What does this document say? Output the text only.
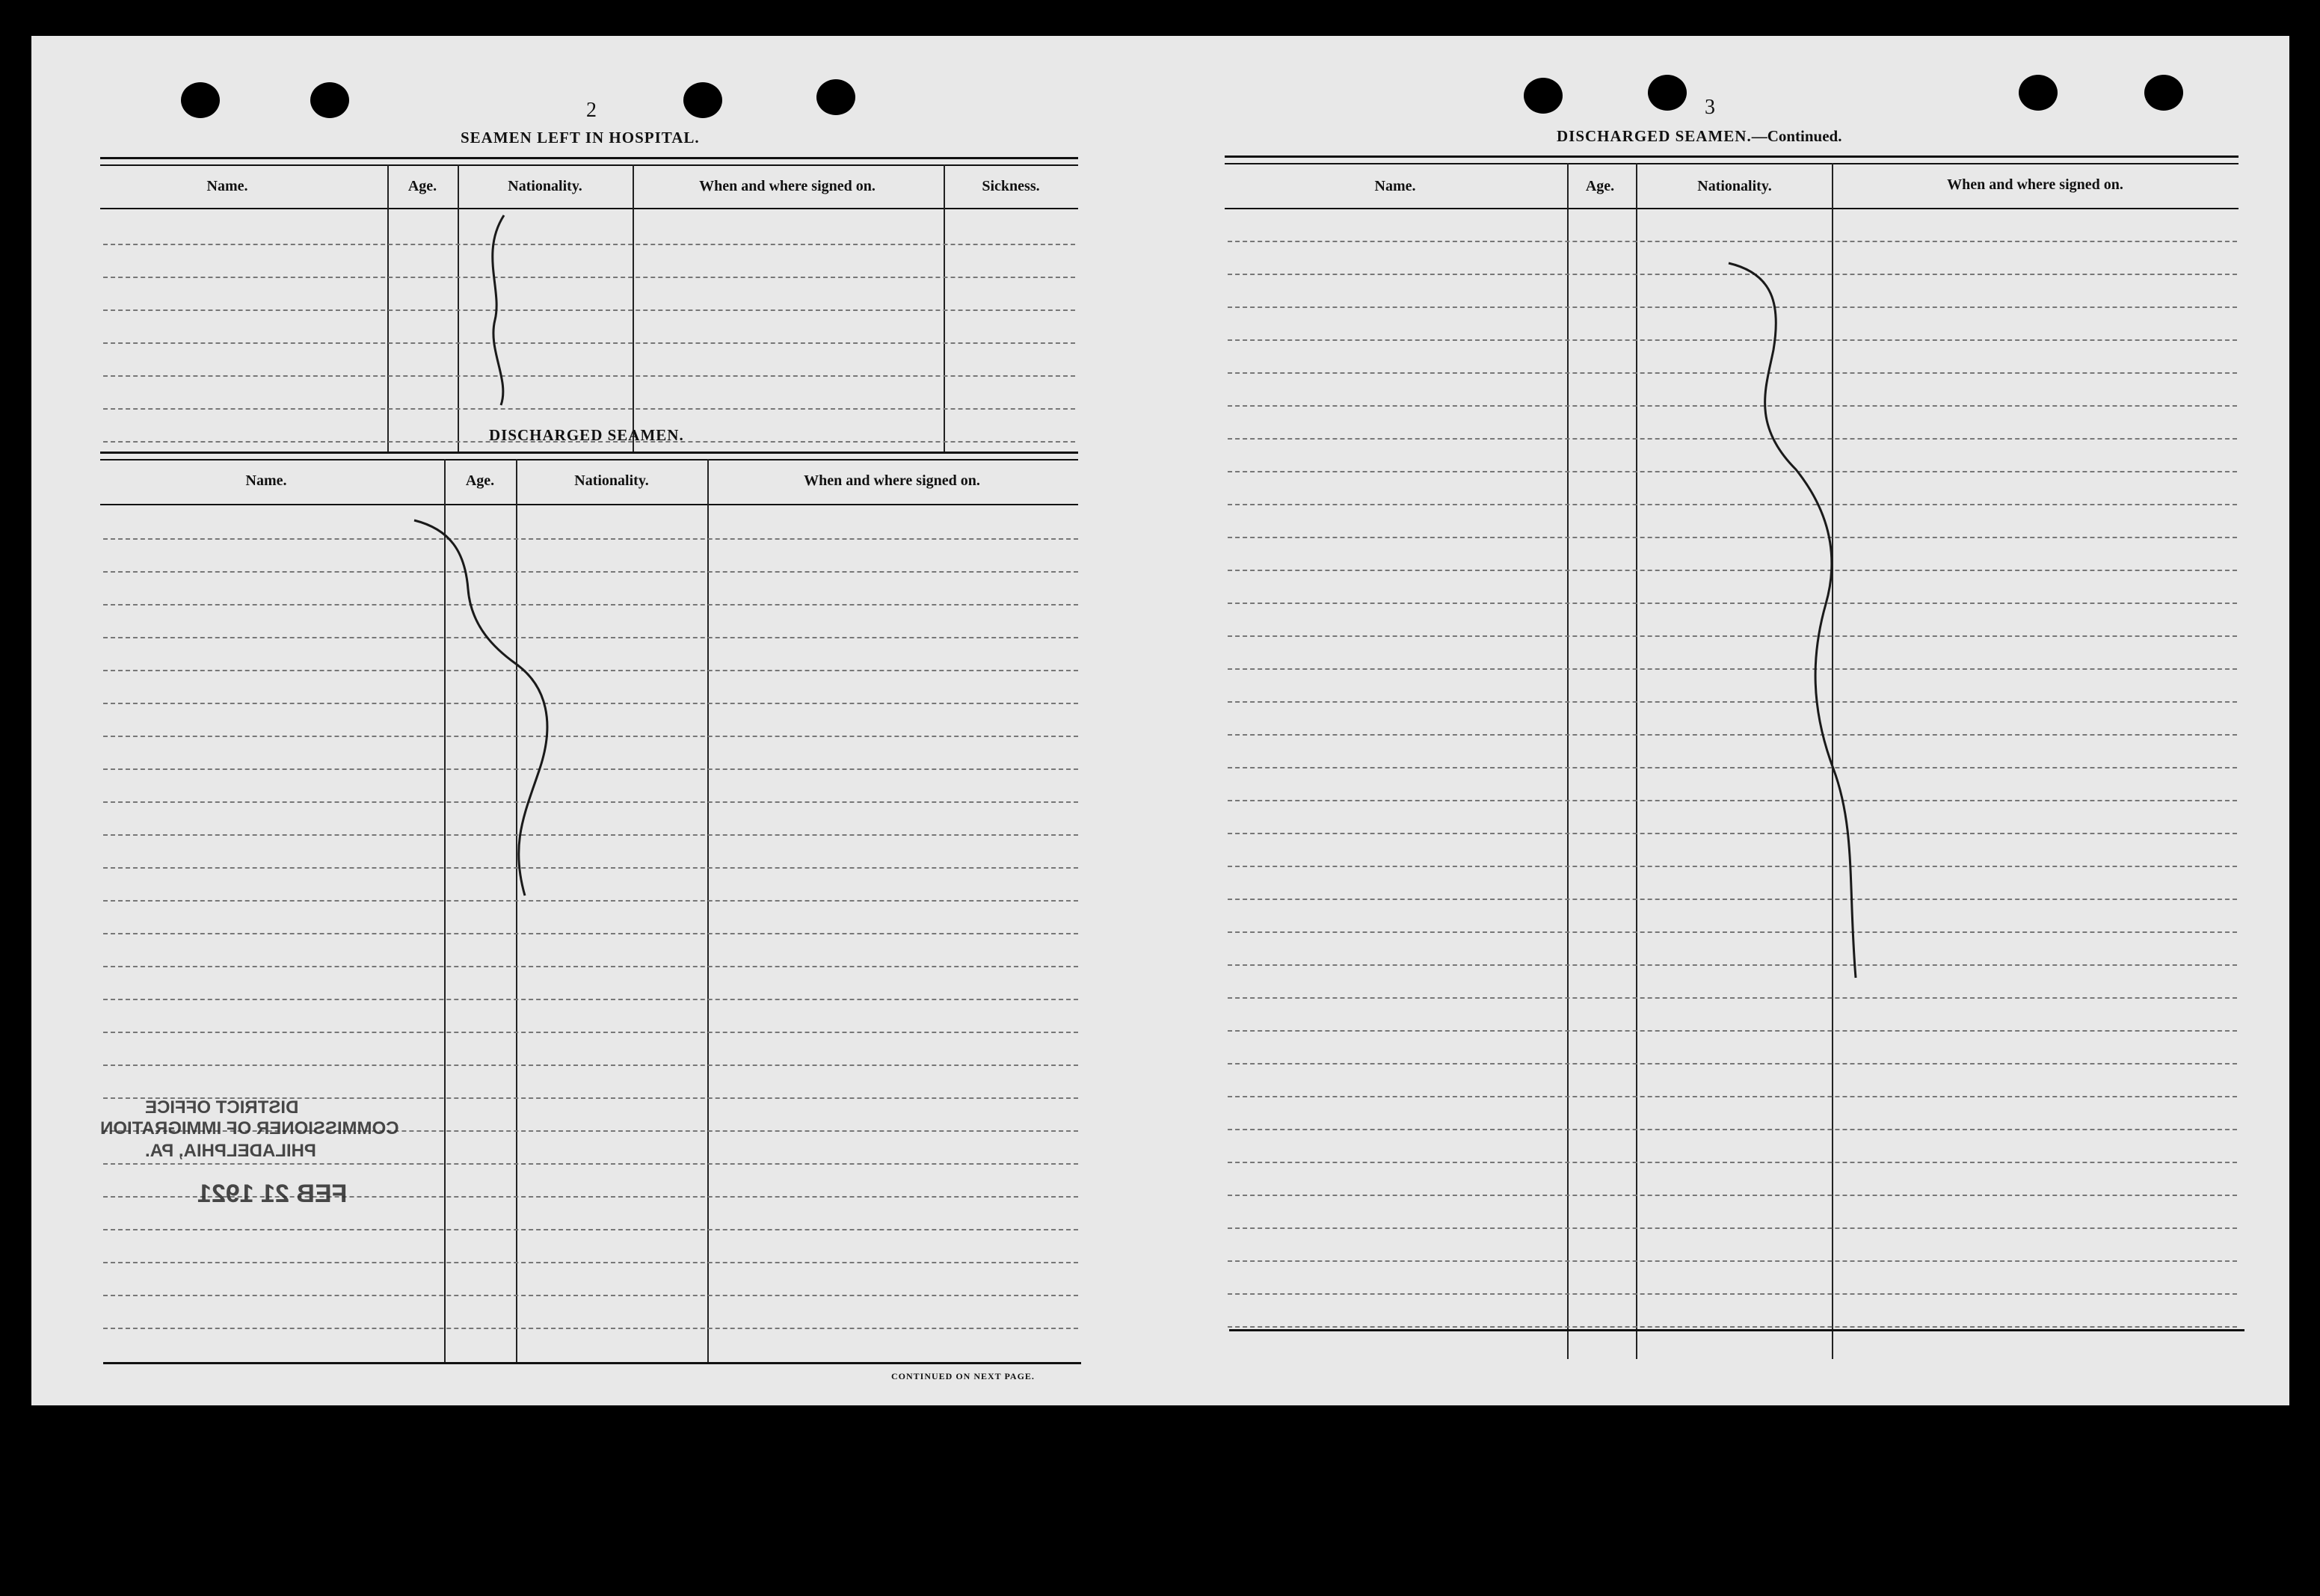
2
SEAMEN LEFT IN HOSPITAL.
Name.	Age.	Nationality.	When and where signed on.	Sickness.
DISCHARGED SEAMEN.
Name.	Age.	Nationality.	When and where signed on.
CONTINUED ON NEXT PAGE.
DISTRICT OFFICE
COMMISSIONER OF IMMIGRATION
PHILADELPHIA, PA.
FEB 21 1921
3
DISCHARGED SEAMEN.—Continued.
Name.	Age.	Nationality.	When and where signed on.
